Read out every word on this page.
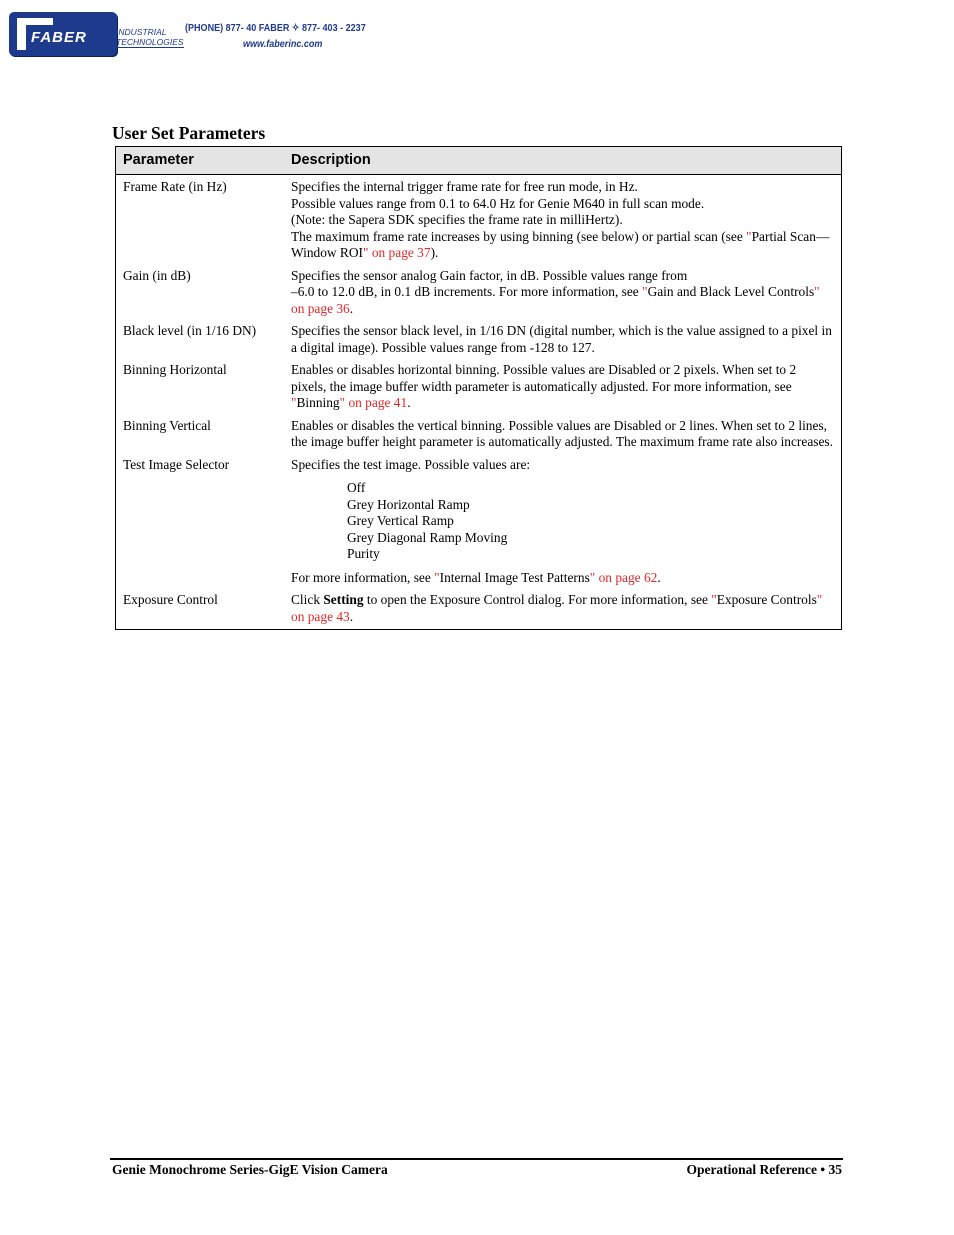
FABER	INDUSTRIAL
TECHNOLOGIES
(PHONE) 877- 40 FABER ✧ 877- 403 - 2237
www.faberinc.com
User Set Parameters
Parameter	Description
Frame Rate (in Hz)	Specifies the internal trigger frame rate for free run mode, in Hz.
Possible values range from 0.1 to 64.0 Hz for Genie M640 in full scan mode.
(Note: the Sapera SDK specifies the frame rate in milliHertz).
The maximum frame rate increases by using binning (see below) or partial scan (see "Partial Scan—Window ROI" on page 37).
Gain (in dB)	Specifies the sensor analog Gain factor, in dB. Possible values range from
–6.0 to 12.0 dB, in 0.1 dB increments. For more information, see "Gain and Black Level Controls" on page 36.
Black level (in 1/16 DN)	Specifies the sensor black level, in 1/16 DN (digital number, which is the value assigned to a pixel in a digital image). Possible values range from -128 to 127.
Binning Horizontal	Enables or disables horizontal binning. Possible values are Disabled or 2 pixels. When set to 2 pixels, the image buffer width parameter is automatically adjusted. For more information, see "Binning" on page 41.
Binning Vertical	Enables or disables the vertical binning. Possible values are Disabled or 2 lines. When set to 2 lines, the image buffer height parameter is automatically adjusted. The maximum frame rate also increases.
Test Image Selector	Specifies the test image. Possible values are:
Off
Grey Horizontal Ramp
Grey Vertical Ramp
Grey Diagonal Ramp Moving
Purity
For more information, see "Internal Image Test Patterns" on page 62.
Exposure Control	Click Setting to open the Exposure Control dialog. For more information, see "Exposure Controls" on page 43.
Genie Monochrome Series-GigE Vision Camera	Operational Reference • 35
